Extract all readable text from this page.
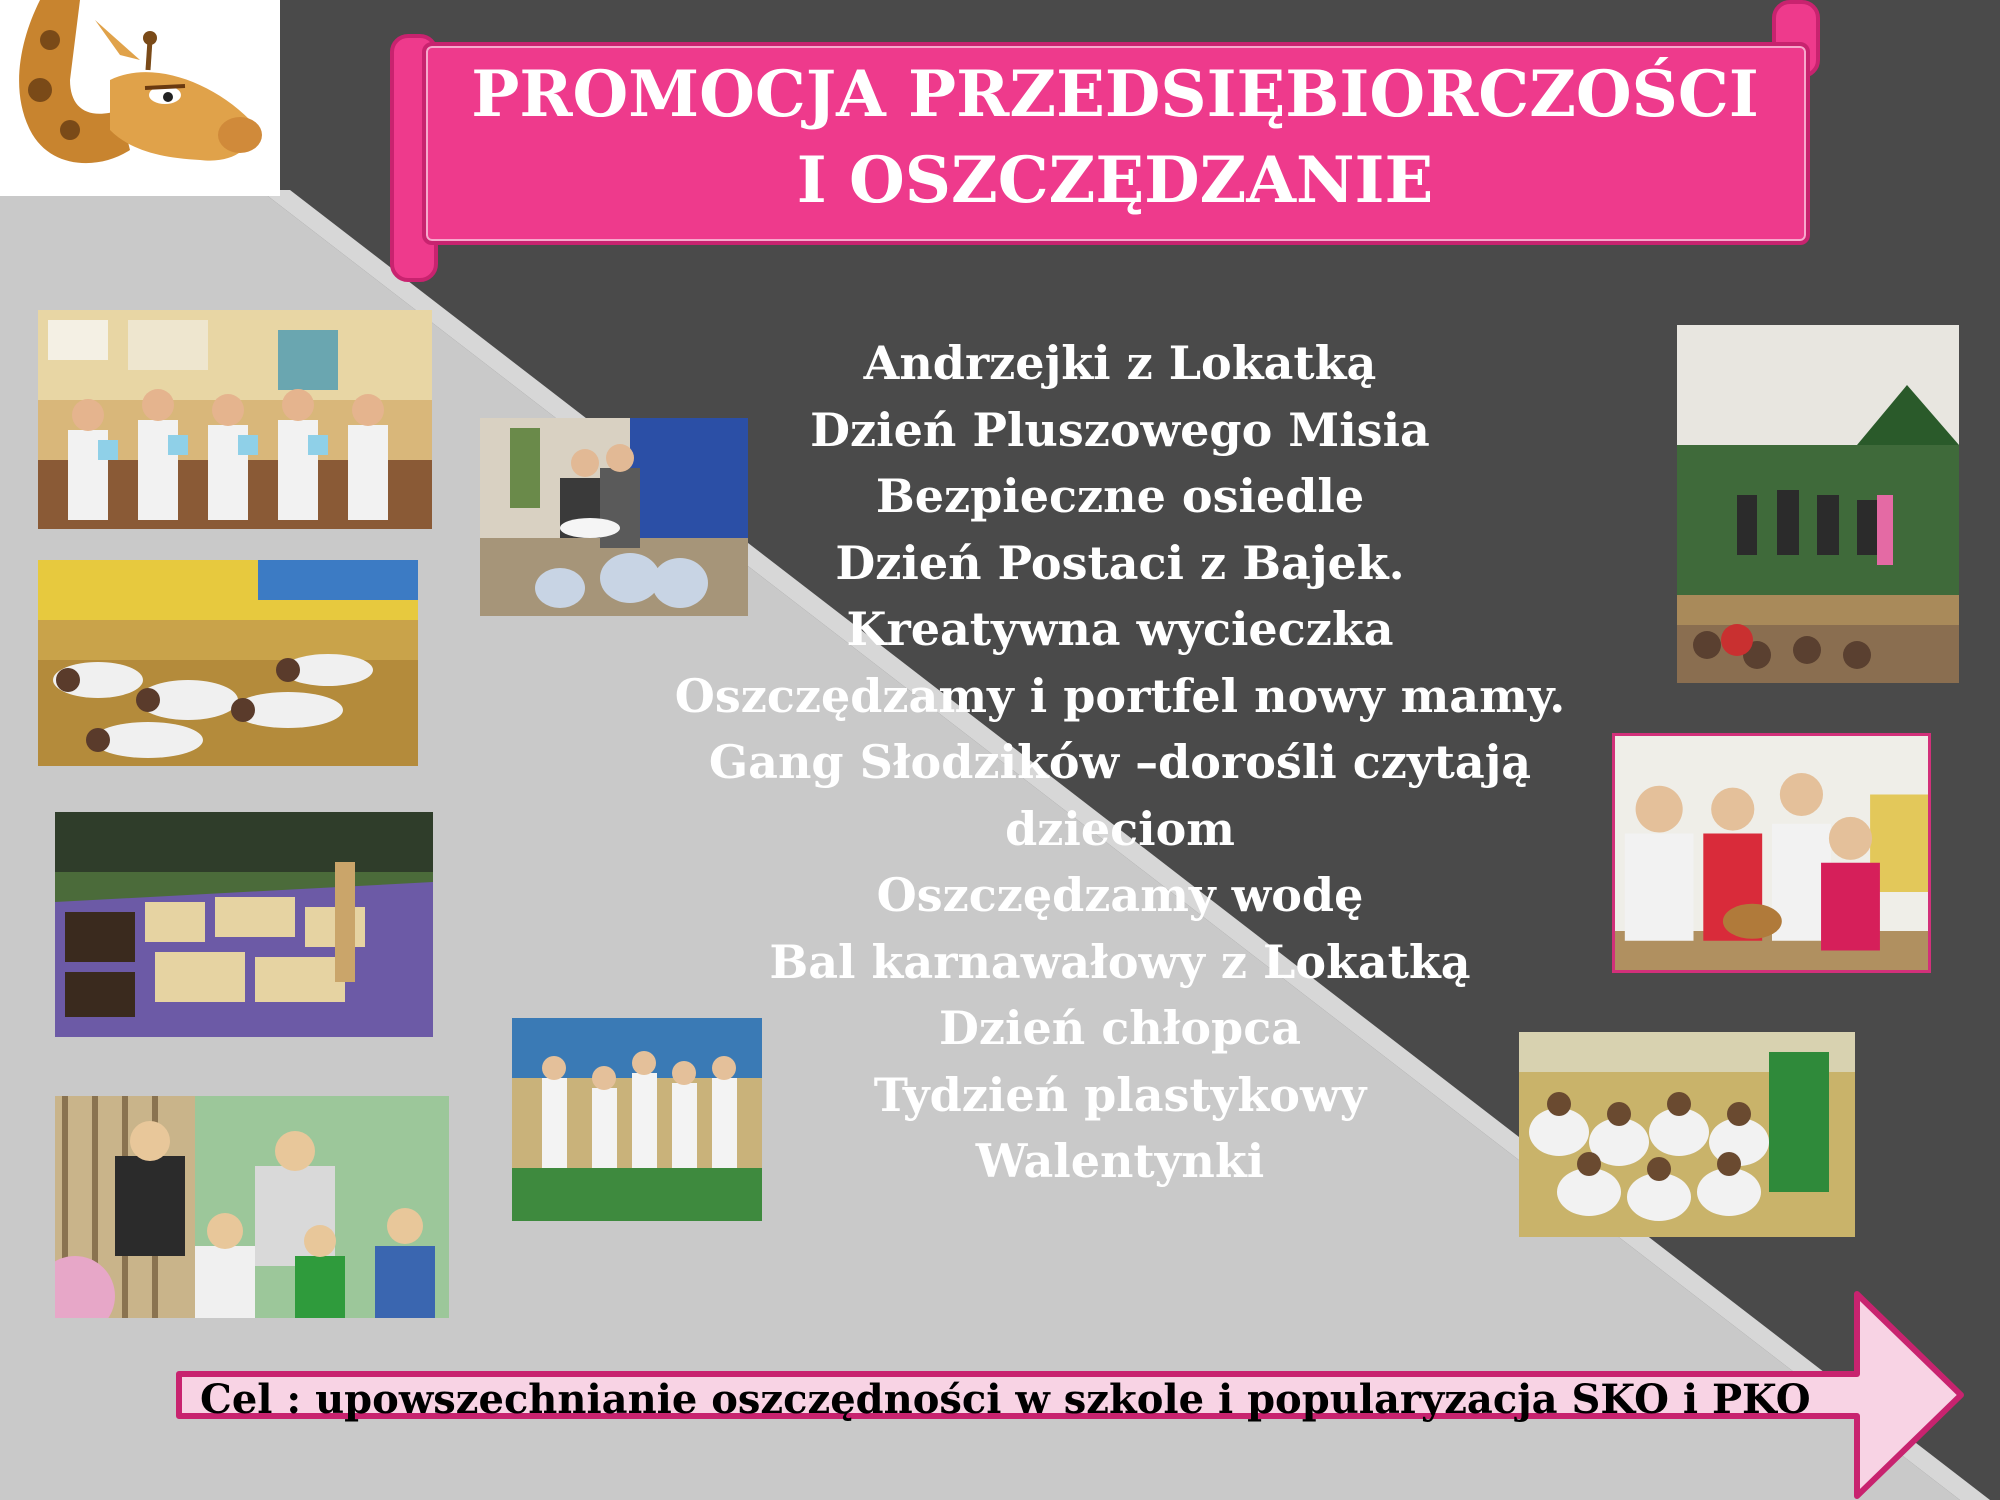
PROMOCJA PRZEDSIĘBIORCZOŚCI
I OSZCZĘDZANIE
Andrzejki z Lokatką
Dzień Pluszowego Misia
Bezpieczne osiedle
Dzień Postaci z Bajek.
Kreatywna wycieczka
Oszczędzamy i portfel nowy mamy.
Gang Słodzików –dorośli czytają
dzieciom
Oszczędzamy wodę
Bal karnawałowy z Lokatką
Dzień chłopca
Tydzień plastykowy
Walentynki
Cel : upowszechnianie oszczędności w szkole i popularyzacja SKO i PKO
